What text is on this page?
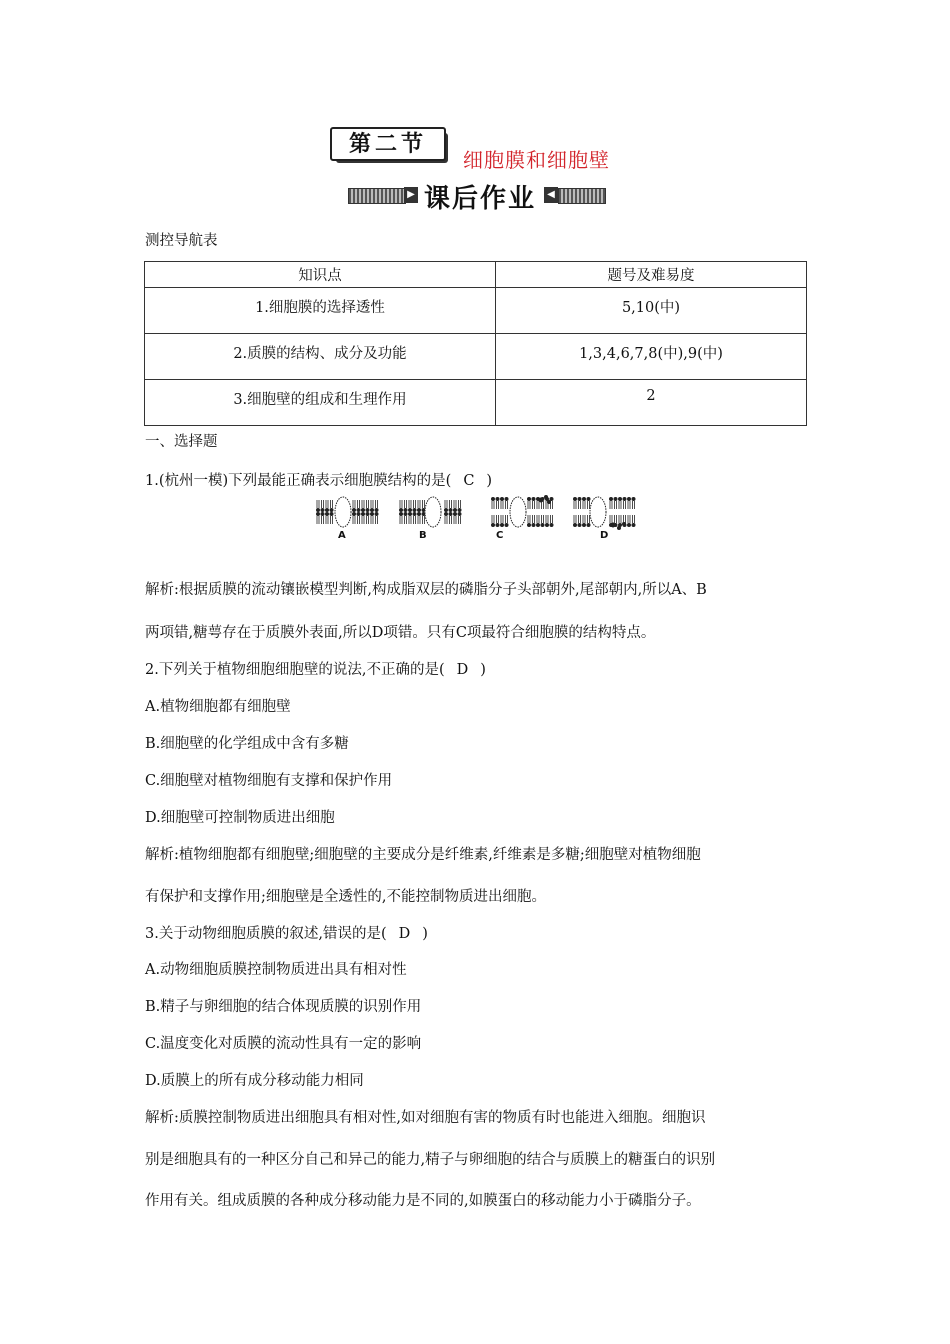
第二节
细胞膜和细胞壁
▶ 课后作业	◀
测控导航表
知识点	题号及难易度
1.细胞膜的选择透性	5,10(中)
2.质膜的结构、成分及功能	1,3,4,6,7,8(中),9(中)
3.细胞壁的组成和生理作用	2
一、选择题
1.(杭州一模)下列最能正确表示细胞膜结构的是( C )
A	B	C	D
解析:根据质膜的流动镶嵌模型判断,构成脂双层的磷脂分子头部朝外,尾部朝内,所以A、B
两项错,糖萼存在于质膜外表面,所以D项错。只有C项最符合细胞膜的结构特点。
2.下列关于植物细胞细胞壁的说法,不正确的是( D )
A.植物细胞都有细胞壁
B.细胞壁的化学组成中含有多糖
C.细胞壁对植物细胞有支撑和保护作用
D.细胞壁可控制物质进出细胞
解析:植物细胞都有细胞壁;细胞壁的主要成分是纤维素,纤维素是多糖;细胞壁对植物细胞
有保护和支撑作用;细胞壁是全透性的,不能控制物质进出细胞。
3.关于动物细胞质膜的叙述,错误的是( D )
A.动物细胞质膜控制物质进出具有相对性
B.精子与卵细胞的结合体现质膜的识别作用
C.温度变化对质膜的流动性具有一定的影响
D.质膜上的所有成分移动能力相同
解析:质膜控制物质进出细胞具有相对性,如对细胞有害的物质有时也能进入细胞。细胞识
别是细胞具有的一种区分自己和异己的能力,精子与卵细胞的结合与质膜上的糖蛋白的识别
作用有关。组成质膜的各种成分移动能力是不同的,如膜蛋白的移动能力小于磷脂分子。
